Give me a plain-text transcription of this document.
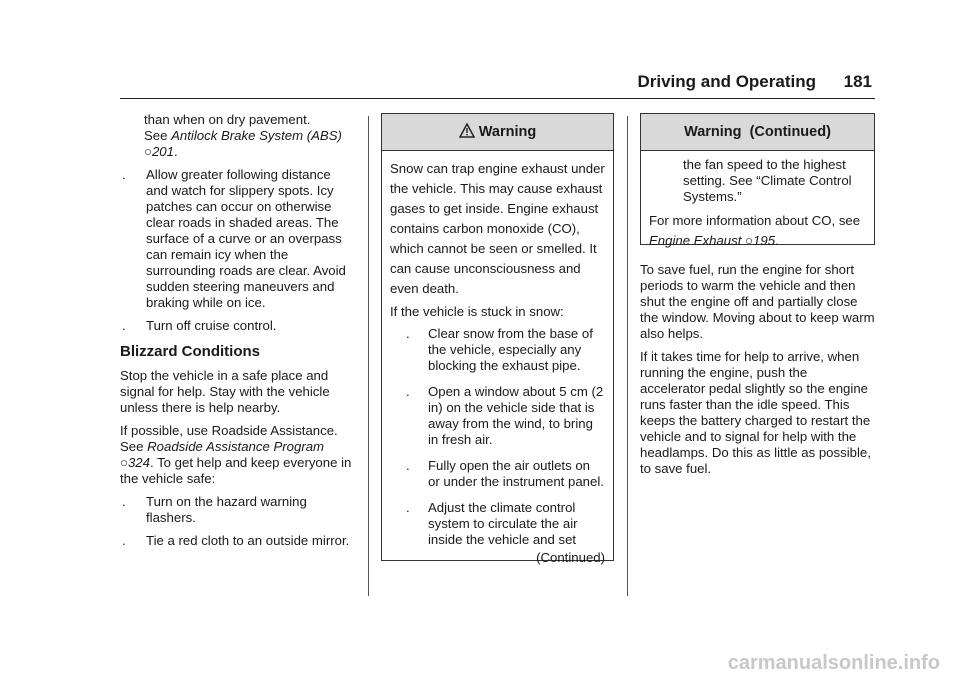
Driving and Operating	181
than when on dry pavement.
See Antilock Brake System (ABS) ○201.
.	Allow greater following distance and watch for slippery spots. Icy patches can occur on otherwise clear roads in shaded areas. The surface of a curve or an overpass can remain icy when the surrounding roads are clear. Avoid sudden steering maneuvers and braking while on ice.
.	Turn off cruise control.
Blizzard Conditions

Stop the vehicle in a safe place and signal for help. Stay with the vehicle unless there is help nearby.

If possible, use Roadside Assistance. See Roadside Assistance Program ○324. To get help and keep everyone in the vehicle safe:

.	Turn on the hazard warning flashers.
.	Tie a red cloth to an outside mirror.
Warning

Snow can trap engine exhaust under the vehicle. This may cause exhaust gases to get inside. Engine exhaust contains carbon monoxide (CO), which cannot be seen or smelled. It can cause unconsciousness and even death.

If the vehicle is stuck in snow:

.	Clear snow from the base of the vehicle, especially any blocking the exhaust pipe.
.	Open a window about 5 cm (2 in) on the vehicle side that is away from the wind, to bring in fresh air.
.	Fully open the air outlets on or under the instrument panel.
.	Adjust the climate control system to circulate the air inside the vehicle and set
(Continued)
Warning  (Continued)
the fan speed to the highest setting. See “Climate Control Systems.”

For more information about CO, see Engine Exhaust ○195.

To save fuel, run the engine for short periods to warm the vehicle and then shut the engine off and partially close the window. Moving about to keep warm also helps.

If it takes time for help to arrive, when running the engine, push the accelerator pedal slightly so the engine runs faster than the idle speed. This keeps the battery charged to restart the vehicle and to signal for help with the headlamps. Do this as little as possible, to save fuel.

carmanualsonline.info
